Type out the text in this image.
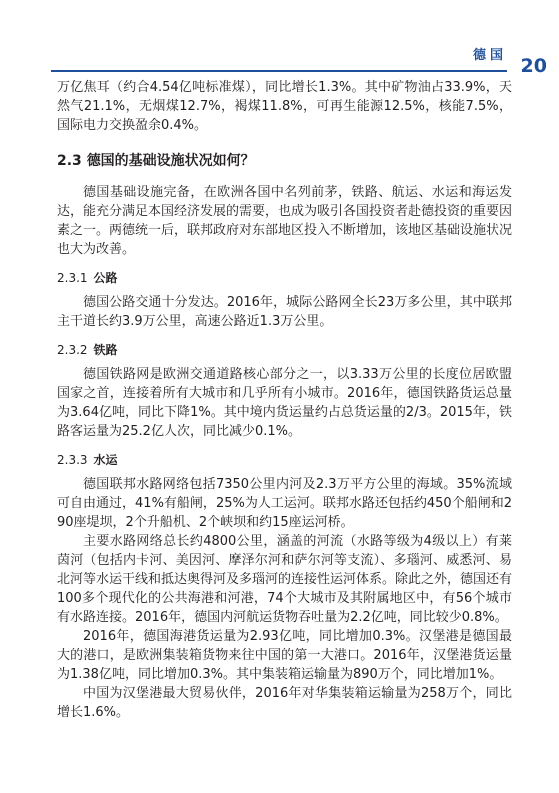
德国 20

万亿焦耳（约合4.54亿吨标准煤），同比增长1.3%。其中矿物油占33.9%，天然气21.1%，无烟煤12.7%，褐煤11.8%，可再生能源12.5%，核能7.5%，国际电力交换盈余0.4%。

2.3 德国的基础设施状况如何？

德国基础设施完备，在欧洲各国中名列前茅，铁路、航运、水运和海运发达，能充分满足本国经济发展的需要，也成为吸引各国投资者赴德投资的重要因素之一。两德统一后，联邦政府对东部地区投入不断增加，该地区基础设施状况也大为改善。

2.3.1 公路

德国公路交通十分发达。2016年，城际公路网全长23万多公里，其中联邦主干道长约3.9万公里，高速公路近1.3万公里。

2.3.2 铁路

德国铁路网是欧洲交通道路核心部分之一，以3.33万公里的长度位居欧盟国家之首，连接着所有大城市和几乎所有小城市。2016年，德国铁路货运总量为3.64亿吨，同比下降1%。其中境内货运量约占总货运量的2/3。2015年，铁路客运量为25.2亿人次，同比减少0.1%。

2.3.3 水运

德国联邦水路网络包括7350公里内河及2.3万平方公里的海域。35%流域可自由通过，41%有船闸，25%为人工运河。联邦水路还包括约450个船闸和290座堤坝，2个升船机、2个峡坝和约15座运河桥。

主要水路网络总长约4800公里，涵盖的河流（水路等级为4级以上）有莱茵河（包括内卡河、美因河、摩泽尔河和萨尔河等支流）、多瑙河、威悉河、易北河等水运干线和抵达奥得河及多瑙河的连接性运河体系。除此之外，德国还有100多个现代化的公共海港和河港，74个大城市及其附属地区中，有56个城市有水路连接。2016年，德国内河航运货物吞吐量为2.2亿吨，同比较少0.8%。

2016年，德国海港货运量为2.93亿吨，同比增加0.3%。汉堡港是德国最大的港口，是欧洲集装箱货物来往中国的第一大港口。2016年，汉堡港货运量为1.38亿吨，同比增加0.3%。其中集装箱运输量为890万个，同比增加1%。

中国为汉堡港最大贸易伙伴，2016年对华集装箱运输量为258万个，同比增长1.6%。
